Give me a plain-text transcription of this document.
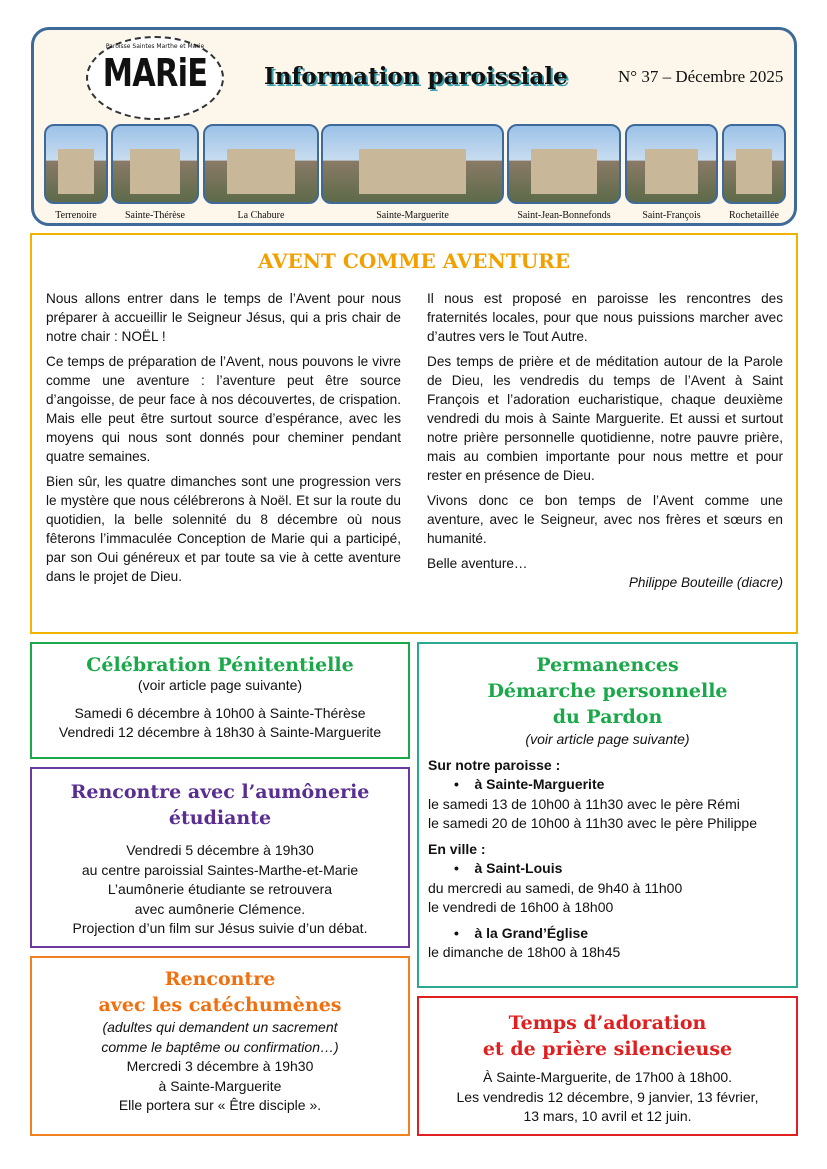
Paroisse Saintes Marthe et Marie
MARiE Information paroissiale	N° 37 – Décembre 2025
Terrenoire	Sainte-Thérèse	La Chabure	Sainte-Marguerite	Saint-Jean-Bonnefonds	Saint-François	Rochetaillée
AVENT COMME AVENTURE

Nous allons entrer dans le temps de l’Avent pour nous préparer à accueillir le Seigneur Jésus, qui a pris chair de notre chair : NOËL !

Ce temps de préparation de l’Avent, nous pouvons le vivre comme une aventure : l’aventure peut être source d’angoisse, de peur face à nos découvertes, de crispation. Mais elle peut être surtout source d’espérance, avec les moyens qui nous sont donnés pour cheminer pendant quatre semaines.

Bien sûr, les quatre dimanches sont une progression vers le mystère que nous célébrerons à Noël. Et sur la route du quotidien, la belle solennité du 8 décembre où nous fêterons l’immaculée Conception de Marie qui a participé, par son Oui généreux et par toute sa vie à cette aventure dans le projet de Dieu.

Il nous est proposé en paroisse les rencontres des fraternités locales, pour que nous puissions marcher avec d’autres vers le Tout Autre.

Des temps de prière et de méditation autour de la Parole de Dieu, les vendredis du temps de l’Avent à Saint François et l’adoration eucharistique, chaque deuxième vendredi du mois à Sainte Marguerite. Et aussi et surtout notre prière personnelle quotidienne, notre pauvre prière, mais au combien importante pour nous mettre et pour rester en présence de Dieu.

Vivons donc ce bon temps de l’Avent comme une aventure, avec le Seigneur, avec nos frères et sœurs en humanité.

Belle aventure…

Philippe Bouteille (diacre)

Célébration Pénitentielle
(voir article page suivante)
Samedi 6 décembre à 10h00 à Sainte-Thérèse
Vendredi 12 décembre à 18h30 à Sainte-Marguerite
Rencontre avec l’aumônerie étudiante
Vendredi 5 décembre à 19h30
au centre paroissial Saintes-Marthe-et-Marie
L’aumônerie étudiante se retrouvera
avec aumônerie Clémence.
Projection d’un film sur Jésus suivie d’un débat.
Rencontre
avec les catéchumènes
(adultes qui demandent un sacrement
comme le baptême ou confirmation…)
Mercredi 3 décembre à 19h30
à Sainte-Marguerite
Elle portera sur « Être disciple ».
Permanences
Démarche personnelle
du Pardon
(voir article page suivante)
Sur notre paroisse :
•    à Sainte-Marguerite
le samedi 13 de 10h00 à 11h30 avec le père Rémi
le samedi 20 de 10h00 à 11h30 avec le père Philippe
En ville :
•    à Saint-Louis
du mercredi au samedi, de 9h40 à 11h00
le vendredi de 16h00 à 18h00
•    à la Grand’Église
le dimanche de 18h00 à 18h45
Temps d’adoration
et de prière silencieuse
À Sainte-Marguerite, de 17h00 à 18h00.
Les vendredis 12 décembre, 9 janvier, 13 février,
13 mars, 10 avril et 12 juin.
